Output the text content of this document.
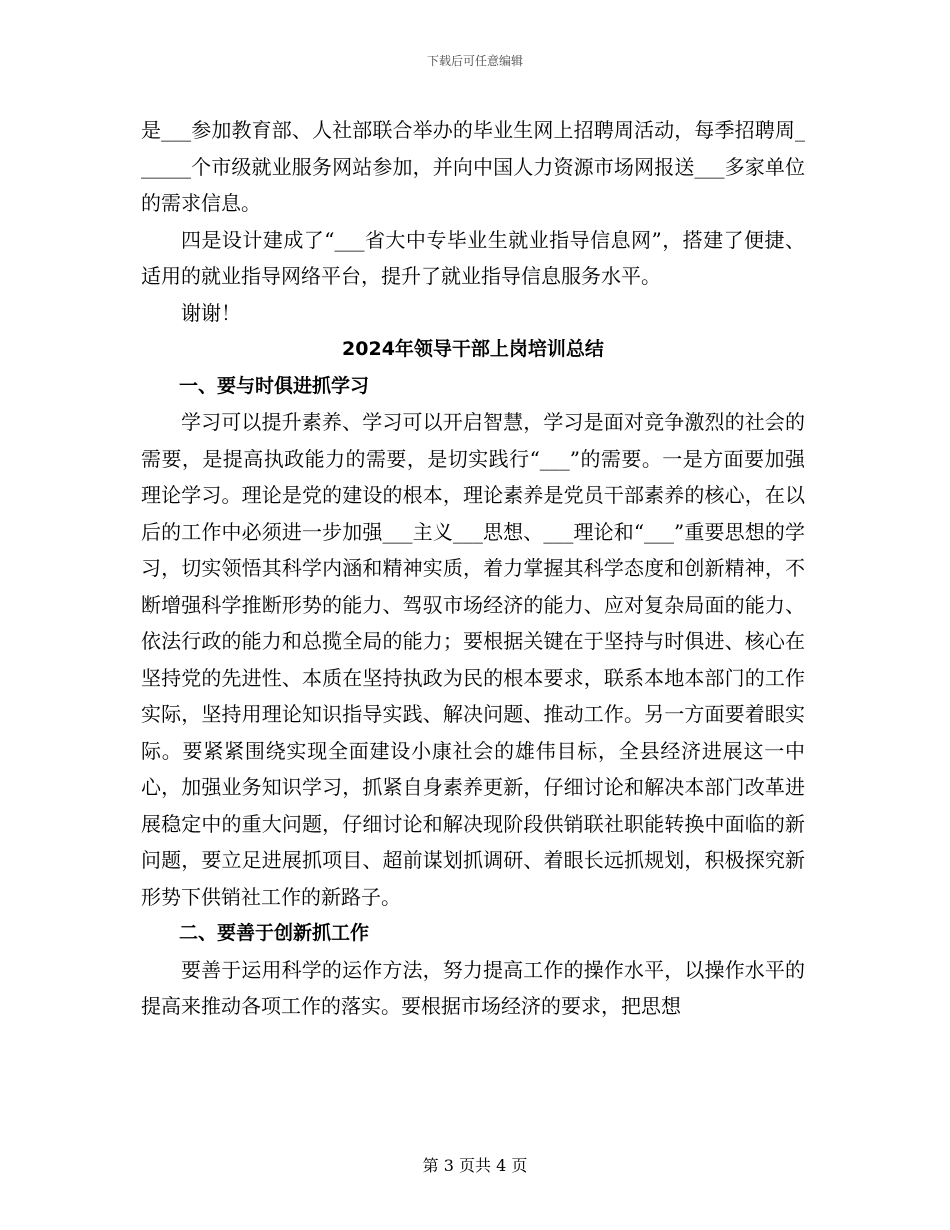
下载后可任意编辑

是___参加教育部、人社部联合举办的毕业生网上招聘周活动，每季招聘周______个市级就业服务网站参加，并向中国人力资源市场网报送___多家单位的需求信息。

四是设计建成了“___省大中专毕业生就业指导信息网”，搭建了便捷、适用的就业指导网络平台，提升了就业指导信息服务水平。

谢谢！

2024年领导干部上岗培训总结

一、要与时俱进抓学习

学习可以提升素养、学习可以开启智慧，学习是面对竞争激烈的社会的需要，是提高执政能力的需要，是切实践行“___”的需要。一是方面要加强理论学习。理论是党的建设的根本，理论素养是党员干部素养的核心，在以后的工作中必须进一步加强___主义___思想、___理论和“___”重要思想的学习，切实领悟其科学内涵和精神实质，着力掌握其科学态度和创新精神，不断增强科学推断形势的能力、驾驭市场经济的能力、应对复杂局面的能力、依法行政的能力和总揽全局的能力；要根据关键在于坚持与时俱进、核心在坚持党的先进性、本质在坚持执政为民的根本要求，联系本地本部门的工作实际，坚持用理论知识指导实践、解决问题、推动工作。另一方面要着眼实际。要紧紧围绕实现全面建设小康社会的雄伟目标，全县经济进展这一中心，加强业务知识学习，抓紧自身素养更新，仔细讨论和解决本部门改革进展稳定中的重大问题，仔细讨论和解决现阶段供销联社职能转换中面临的新问题，要立足进展抓项目、超前谋划抓调研、着眼长远抓规划，积极探究新形势下供销社工作的新路子。

二、要善于创新抓工作

要善于运用科学的运作方法，努力提高工作的操作水平，以操作水平的提高来推动各项工作的落实。要根据市场经济的要求，把思想

第 3 页共 4 页
